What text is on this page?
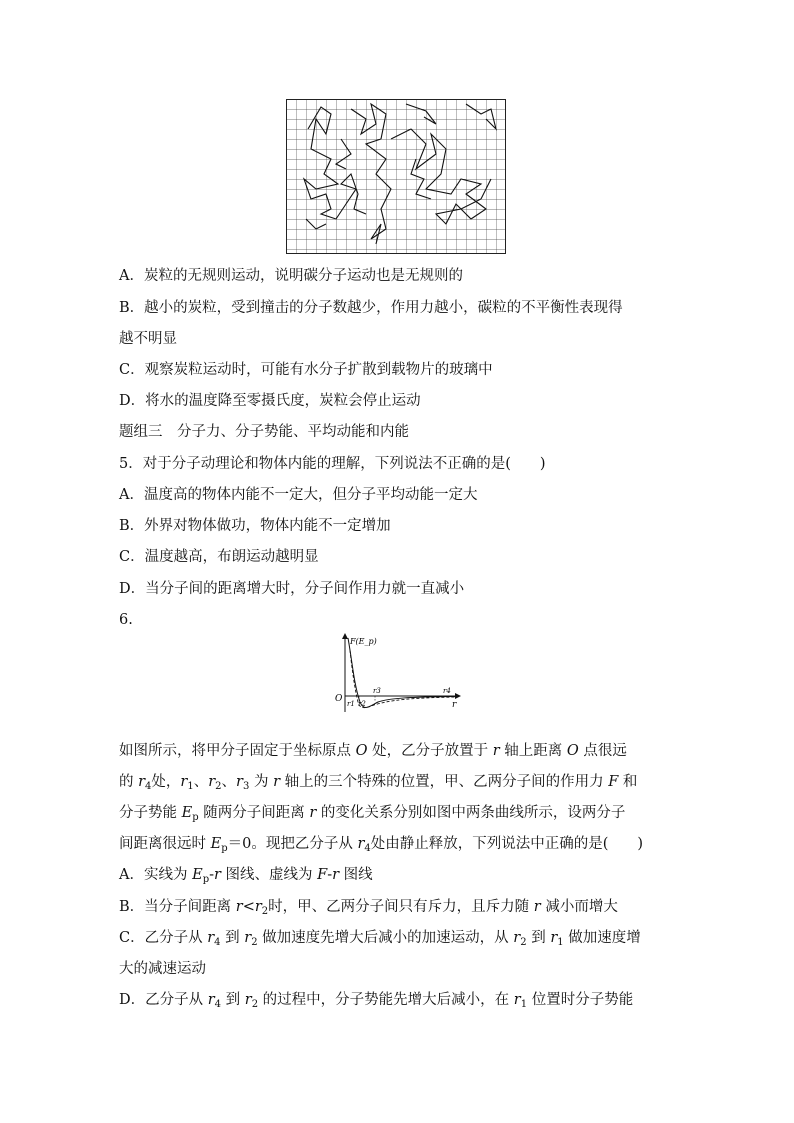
A．炭粒的无规则运动，说明碳分子运动也是无规则的
B．越小的炭粒，受到撞击的分子数越少，作用力越小，碳粒的不平衡性表现得
越不明显
C．观察炭粒运动时，可能有水分子扩散到载物片的玻璃中
D．将水的温度降至零摄氏度，炭粒会停止运动
题组三　分子力、分子势能、平均动能和内能
5．对于分子动理论和物体内能的理解，下列说法不正确的是(　　)
A．温度高的物体内能不一定大，但分子平均动能一定大
B．外界对物体做功，物体内能不一定增加
C．温度越高，布朗运动越明显
D．当分子间的距离增大时，分子间作用力就一直减小
6.
F(E_p)
O
r
r1 r2
r3	r4
如图所示，将甲分子固定于坐标原点 O 处，乙分子放置于 r 轴上距离 O 点很远
的 $r_4$处，$r_1$、$r_2$、$r_3$ 为 r 轴上的三个特殊的位置，甲、乙两分子间的作用力 F 和
分子势能 $E_p$ 随两分子间距离 r 的变化关系分别如图中两条曲线所示，设两分子
间距离很远时 $E_p=0$。现把乙分子从 $r_4$处由静止释放，下列说法中正确的是(　　)
A．实线为 $E_p-r$ 图线、虚线为 F-r 图线
B．当分子间距离 $r<r_2$时，甲、乙两分子间只有斥力，且斥力随 r 减小而增大
C．乙分子从 $r_4$ 到 $r_2$ 做加速度先增大后减小的加速运动，从 $r_2$ 到 $r_1$ 做加速度增
大的减速运动
D．乙分子从 $r_4$ 到 $r_2$ 的过程中，分子势能先增大后减小，在 $r_1$ 位置时分子势能
